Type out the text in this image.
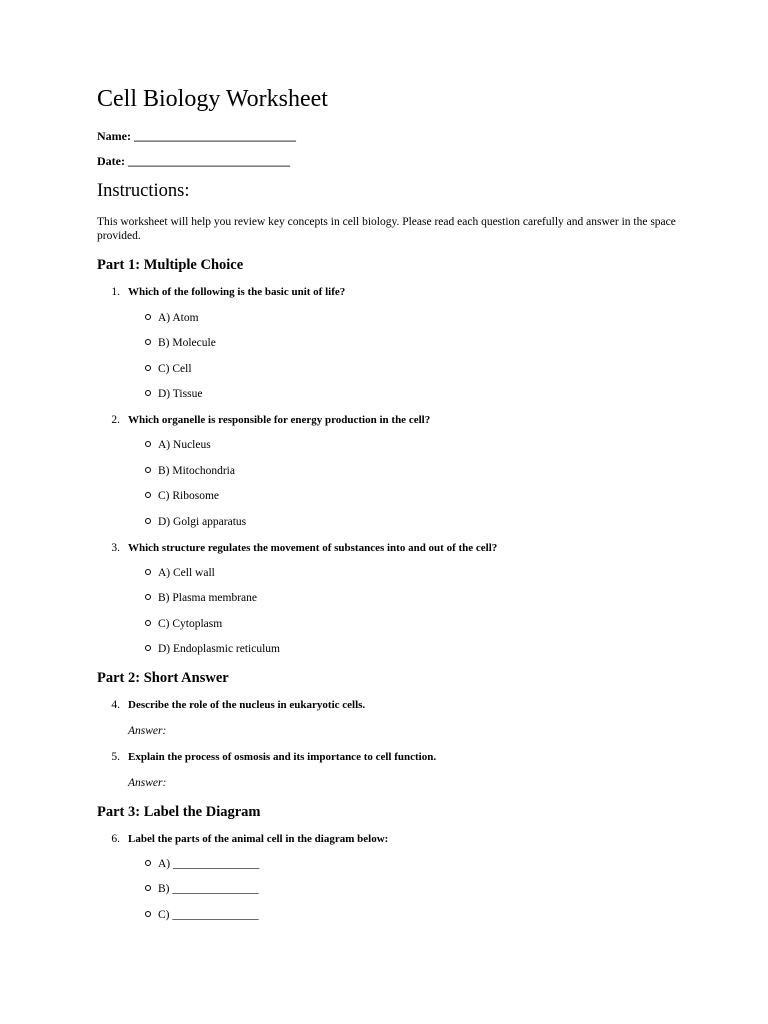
Cell Biology Worksheet
Name: ___________________________
Date: ___________________________
Instructions:
This worksheet will help you review key concepts in cell biology. Please read each question carefully and answer in the space provided.
Part 1: Multiple Choice
1. Which of the following is the basic unit of life?
A) Atom
B) Molecule
C) Cell
D) Tissue
2. Which organelle is responsible for energy production in the cell?
A) Nucleus
B) Mitochondria
C) Ribosome
D) Golgi apparatus
3. Which structure regulates the movement of substances into and out of the cell?
A) Cell wall
B) Plasma membrane
C) Cytoplasm
D) Endoplasmic reticulum
Part 2: Short Answer
4. Describe the role of the nucleus in eukaryotic cells.
Answer:
5. Explain the process of osmosis and its importance to cell function.
Answer:
Part 3: Label the Diagram
6. Label the parts of the animal cell in the diagram below:
A) _______________
B) _______________
C) _______________
